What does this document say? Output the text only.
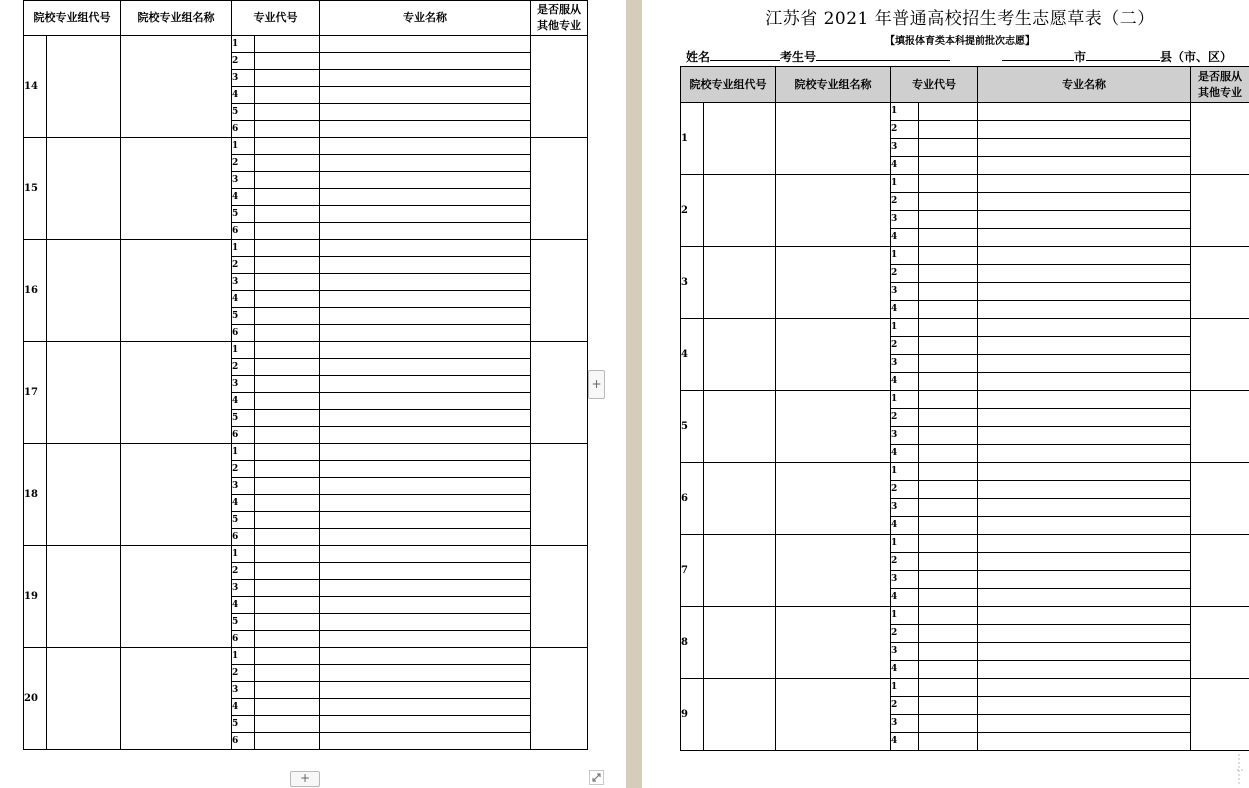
院校专业组代号		院校专业组名称	专业代号		专业名称	是否服从
其他专业

14			1			
			2			
			3			
			4			
			5			
			6			
15			1			
			2			
			3			
			4			
			5			
			6			
16			1			
			2			
			3			
			4			
			5			
			6			
17			1			
			2			
			3			
			4			
			5			
			6			
18			1			
			2			
			3			
			4			
			5			
			6			
19			1			
			2			
			3			
			4			
			5			
			6			
20			1			
			2			
			3			
			4			
			5			
			6			
江苏省 2021 年普通高校招生考生志愿草表（二）
【填报体育类本科提前批次志愿】
姓名	考生号	市	县（市、区）
院校专业组代号		院校专业组名称	专业代号		专业名称	是否服从
其他专业

1			1			
			2			
			3			
			4			
2			1			
			2			
			3			
			4			
3			1			
			2			
			3			
			4			
4			1			
			2			
			3			
			4			
5			1			
			2			
			3			
			4			
6			1			
			2			
			3			
			4			
7			1			
			2			
			3			
			4			
8			1			
			2			
			3			
			4			
9			1			
			2			
			3			
			4			
+
+
